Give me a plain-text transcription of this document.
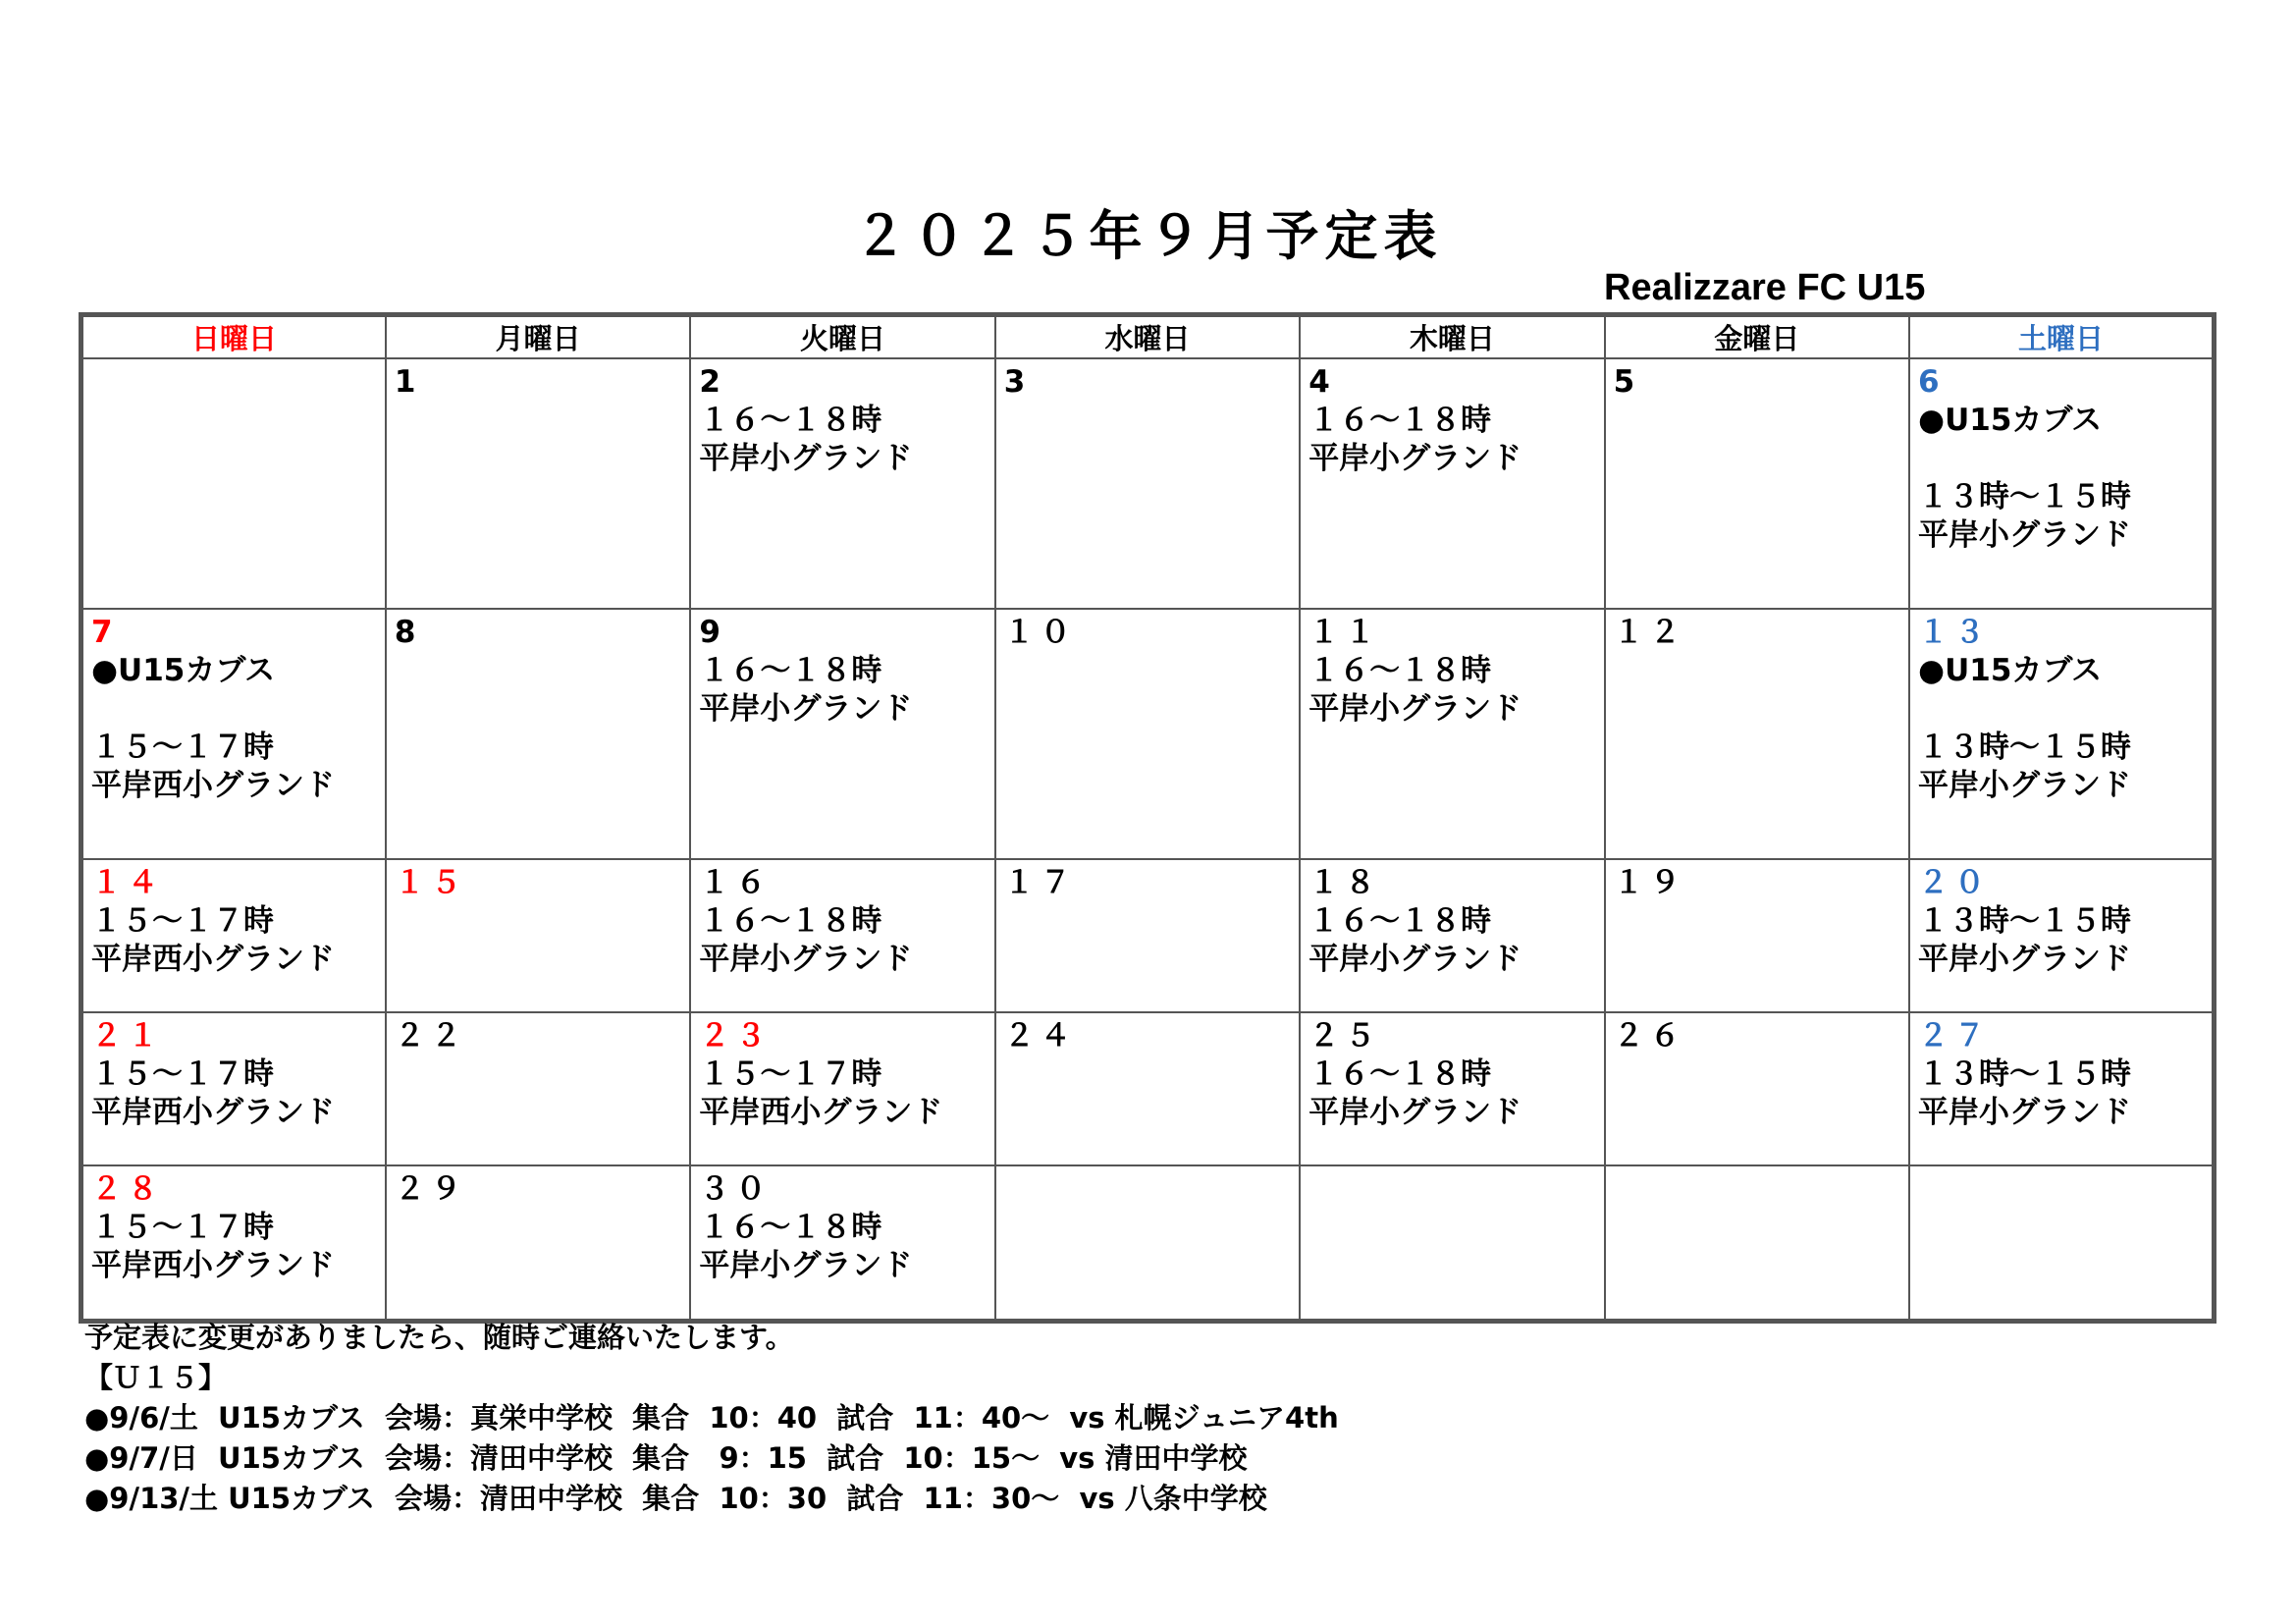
２０２５年９月予定表
Realizzare FC U15
日曜日	月曜日	火曜日	水曜日	木曜日	金曜日	土曜日

	1	2
１６～１８時
平岸小グランド	3	4
１６～１８時
平岸小グランド	5	6
●U15カブス
１３時～１５時
平岸小グランド

7
●U15カブス
１５～１７時
平岸西小グランド	8	9
１６～１８時
平岸小グランド	１０	１１
１６～１８時
平岸小グランド	１２	１３
●U15カブス
１３時～１５時
平岸小グランド

１４
１５～１７時
平岸西小グランド	１５	１６
１６～１８時
平岸小グランド	１７	１８
１６～１８時
平岸小グランド	１９	２０
１３時～１５時
平岸小グランド

２１
１５～１７時
平岸西小グランド	２２	２３
１５～１７時
平岸西小グランド	２４	２５
１６～１８時
平岸小グランド	２６	２７
１３時～１５時
平岸小グランド

２８
１５～１７時
平岸西小グランド	２９	３０
１６～１８時
平岸小グランド				

予定表に変更がありましたら、随時ご連絡いたします。
【Ｕ１５】
●9/6/土  U15カブス  会場：真栄中学校  集合  10：40  試合  11：40～  vs 札幌ジュニア4th
●9/7/日  U15カブス  会場：清田中学校  集合   9：15  試合  10：15～  vs 清田中学校
●9/13/土 U15カブス  会場：清田中学校  集合  10：30  試合  11：30～  vs 八条中学校
